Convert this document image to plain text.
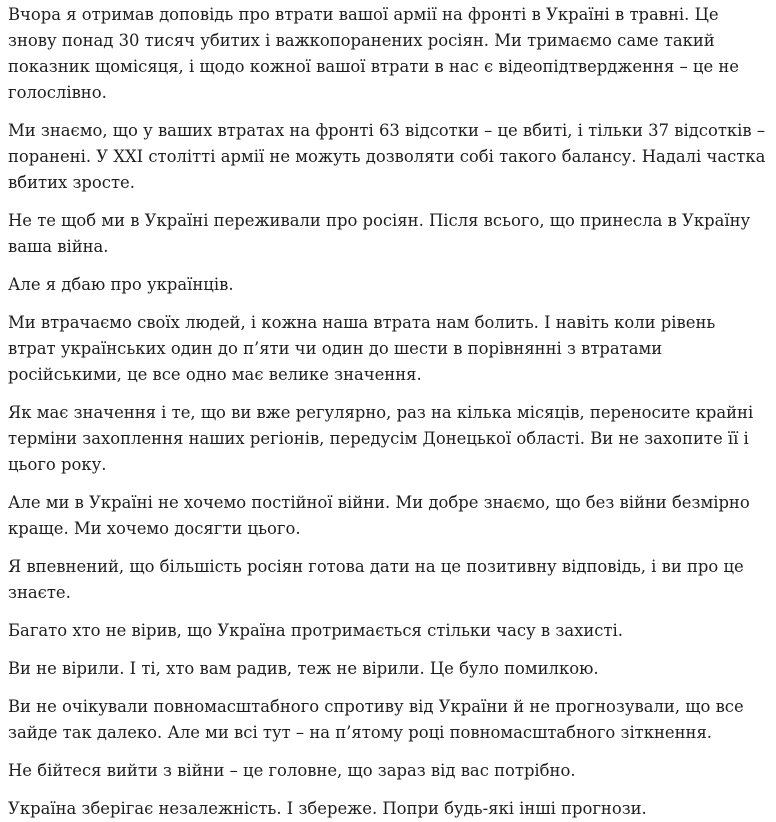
Вчора я отримав доповідь про втрати вашої армії на фронті в Україні в травні. Це знову понад 30 тисяч убитих і важкопоранених росіян. Ми тримаємо саме такий показник щомісяця, і щодо кожної вашої втрати в нас є відеопідтвердження – це не голослівно.

Ми знаємо, що у ваших втратах на фронті 63 відсотки – це вбиті, і тільки 37 відсотків – поранені. У XXI столітті армії не можуть дозволяти собі такого балансу. Надалі частка вбитих зросте.

Не те щоб ми в Україні переживали про росіян. Після всього, що принесла в Україну ваша війна.

Але я дбаю про українців.

Ми втрачаємо своїх людей, і кожна наша втрата нам болить. І навіть коли рівень втрат українських один до п’яти чи один до шести в порівнянні з втратами російськими, це все одно має велике значення.

Як має значення і те, що ви вже регулярно, раз на кілька місяців, переносите крайні терміни захоплення наших регіонів, передусім Донецької області. Ви не захопите її і цього року.

Але ми в Україні не хочемо постійної війни. Ми добре знаємо, що без війни безмірно краще. Ми хочемо досягти цього.

Я впевнений, що більшість росіян готова дати на це позитивну відповідь, і ви про це знаєте.

Багато хто не вірив, що Україна протримається стільки часу в захисті.

Ви не вірили. І ті, хто вам радив, теж не вірили. Це було помилкою.

Ви не очікували повномасштабного спротиву від України й не прогнозували, що все зайде так далеко. Але ми всі тут – на п’ятому році повномасштабного зіткнення.

Не бійтеся вийти з війни – це головне, що зараз від вас потрібно.

Україна зберігає незалежність. І збереже. Попри будь-які інші прогнози.
